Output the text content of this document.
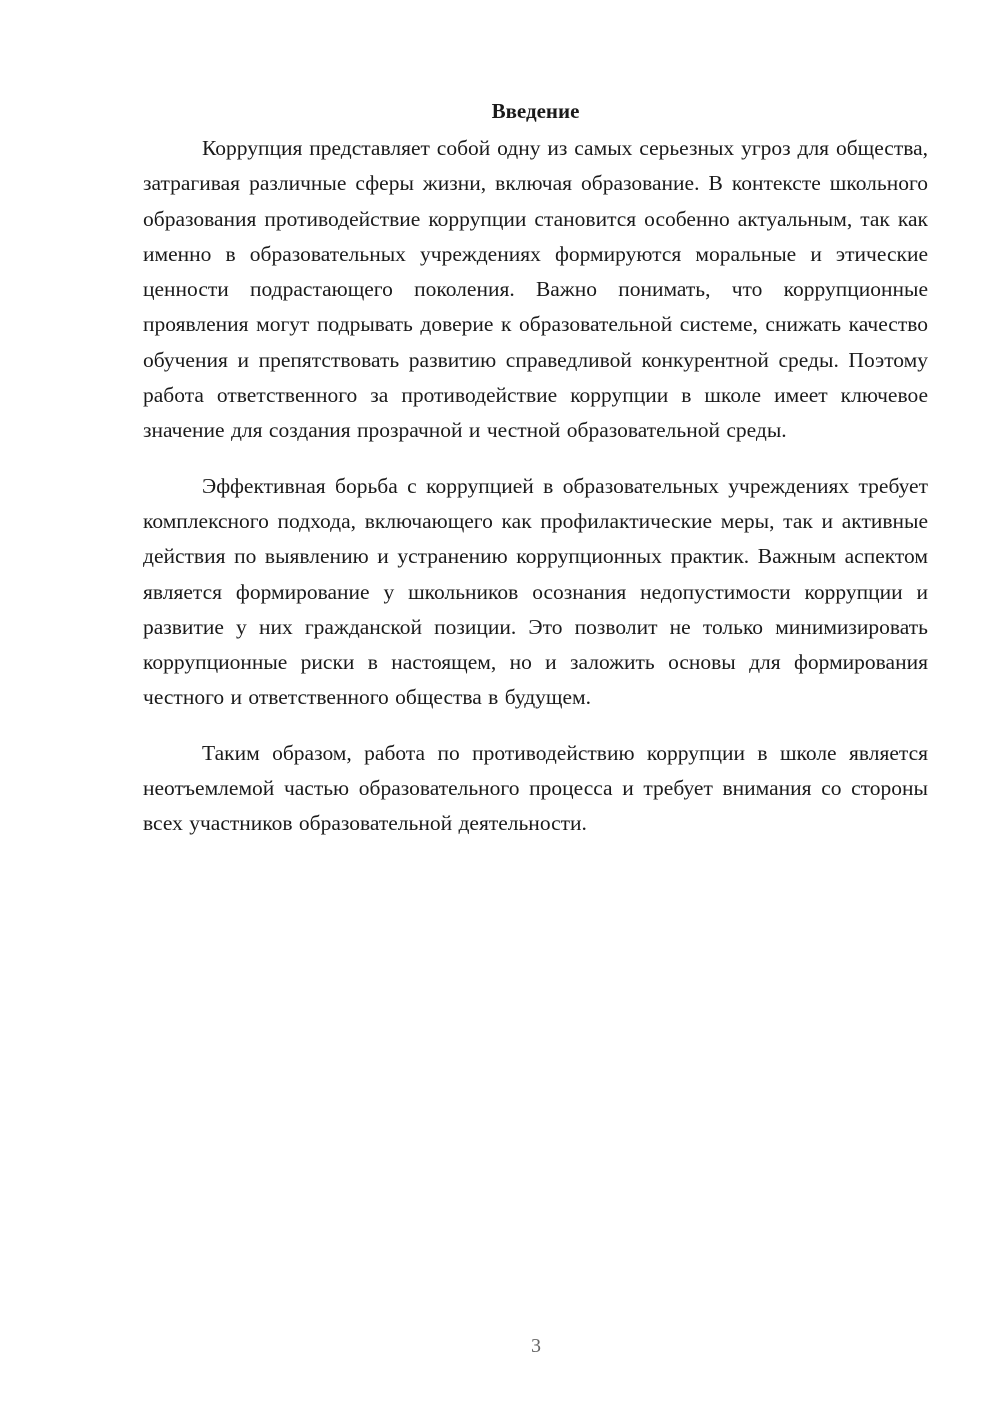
Введение

Коррупция представляет собой одну из самых серьезных угроз для общества, затрагивая различные сферы жизни, включая образование. В контексте школьного образования противодействие коррупции становится особенно актуальным, так как именно в образовательных учреждениях формируются моральные и этические ценности подрастающего поколения. Важно понимать, что коррупционные проявления могут подрывать доверие к образовательной системе, снижать качество обучения и препятствовать развитию справедливой конкурентной среды. Поэтому работа ответственного за противодействие коррупции в школе имеет ключевое значение для создания прозрачной и честной образовательной среды.

Эффективная борьба с коррупцией в образовательных учреждениях требует комплексного подхода, включающего как профилактические меры, так и активные действия по выявлению и устранению коррупционных практик. Важным аспектом является формирование у школьников осознания недопустимости коррупции и развитие у них гражданской позиции. Это позволит не только минимизировать коррупционные риски в настоящем, но и заложить основы для формирования честного и ответственного общества в будущем.

Таким образом, работа по противодействию коррупции в школе является неотъемлемой частью образовательного процесса и требует внимания со стороны всех участников образовательной деятельности.

3
